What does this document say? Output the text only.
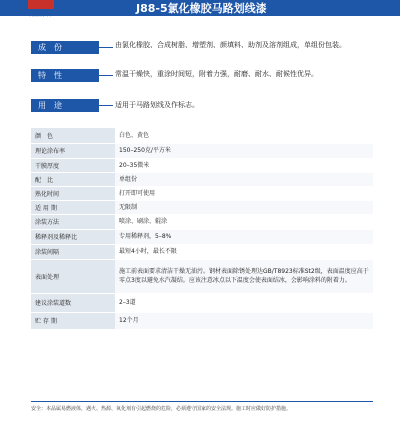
利重涂料	J88-5氯化橡胶马路划线漆
成　份	由氯化橡胶、合成树脂、增塑剂、颜填料、助剂及溶剂组成，单组份包装。
特　性	常温干燥快，重涂时间短，附着力强，耐磨、耐水、耐候性优异。
用　途	适用于马路划线及作标志。
颜　色	白色、黄色
理论涂布率	150–250克/平方米
干膜厚度	20–35微米
配　比	单组份
熟化时间	打开即可使用
适 用 期	无限制
涂装方法	喷涂、刷涂、辊涂
稀释剂及稀释比	专用稀释剂，5–8%
涂装间隔	最短4小时，最长不限
表面处理	施工前表面要求清洁干燥无油污。钢材表面除锈处理达GB/T8923标准St2级，表面温度应高于零点3度以避免水汽凝结。应该注意冰点以下温度会使表面结冰，会影响涂料的附着力。
建议涂装道数	2–3道
贮 存 期	12个月
安全：本品属易燃液体，遇火、热源、氧化剂有引起燃烧的危险，必须遵守国家的安全法规。施工时应做好防护措施。
